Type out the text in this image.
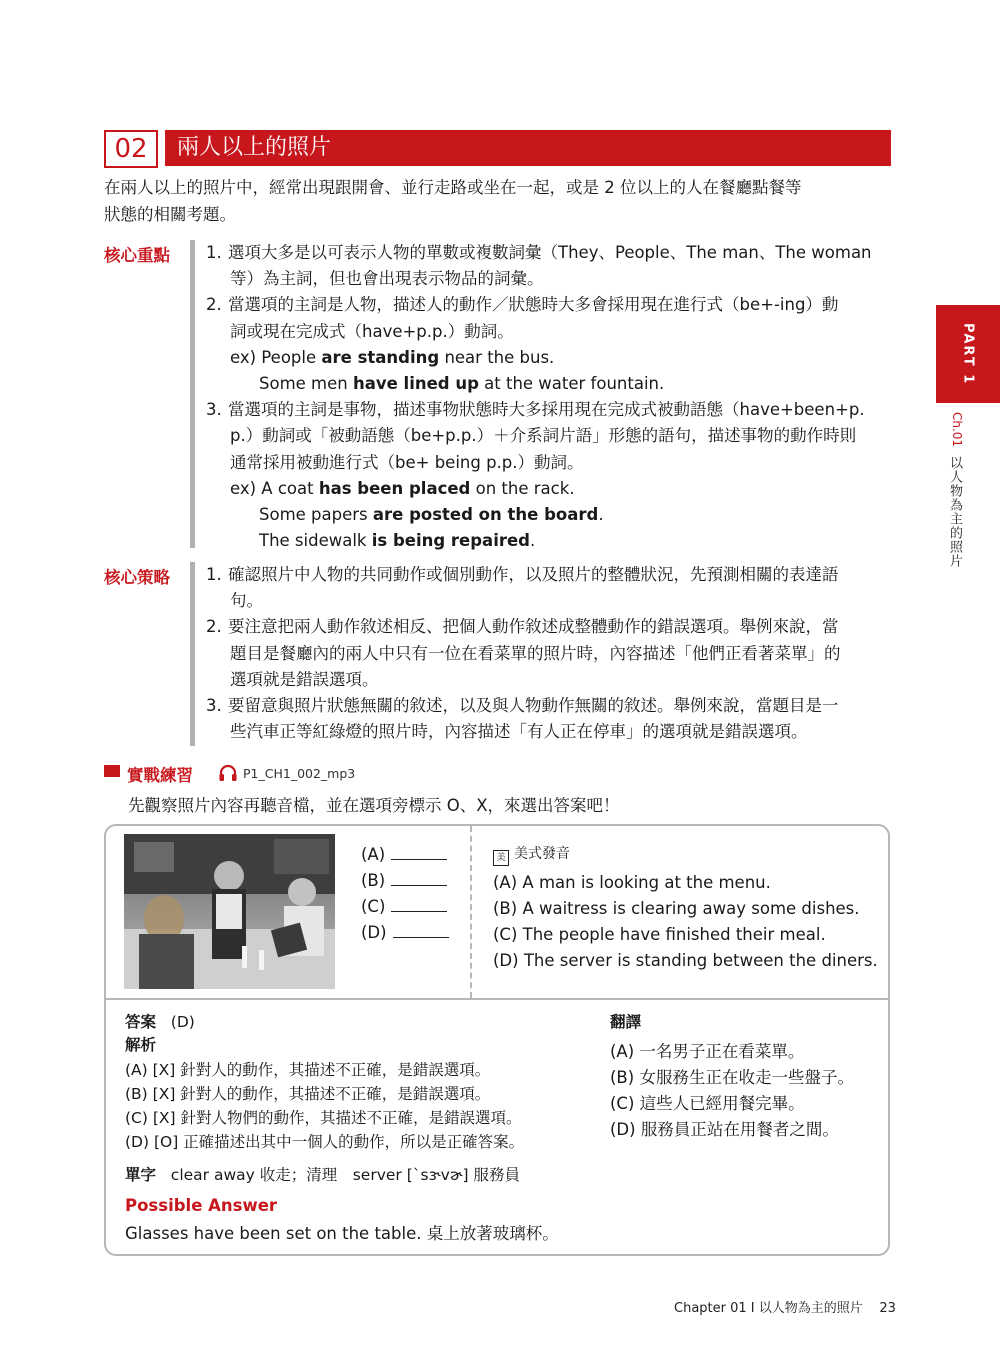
02	兩人以上的照片
在兩人以上的照片中，經常出現跟開會、並行走路或坐在一起，或是 2 位以上的人在餐廳點餐等
狀態的相關考題。
PART 1
Ch.01
以人物為主的照片
核心重點 1. 選項大多是以可表示人物的單數或複數詞彙（They、People、The man、The woman
等）為主詞，但也會出現表示物品的詞彙。
2. 當選項的主詞是人物，描述人的動作／狀態時大多會採用現在進行式（be+-ing）動
詞或現在完成式（have+p.p.）動詞。
ex) People are standing near the bus.
Some men have lined up at the water fountain.
3. 當選項的主詞是事物，描述事物狀態時大多採用現在完成式被動語態（have+been+p.
p.）動詞或「被動語態（be+p.p.）＋介系詞片語」形態的語句，描述事物的動作時則
通常採用被動進行式（be+ being p.p.）動詞。
ex) A coat has been placed on the rack.
Some papers are posted on the board.
The sidewalk is being repaired.
核心策略 1. 確認照片中人物的共同動作或個別動作，以及照片的整體狀況，先預測相關的表達語
句。
2. 要注意把兩人動作敘述相反、把個人動作敘述成整體動作的錯誤選項。舉例來說，當
題目是餐廳內的兩人中只有一位在看菜單的照片時，內容描述「他們正看著菜單」的
選項就是錯誤選項。
3. 要留意與照片狀態無關的敘述，以及與人物動作無關的敘述。舉例來說，當題目是一
些汽車正等紅綠燈的照片時，內容描述「有人正在停車」的選項就是錯誤選項。
實戰練習	P1_CH1_002_mp3
先觀察照片內容再聽音檔，並在選項旁標示 O、X，來選出答案吧！
(A)
(B)
(C)
(D)
美 美式發音
(A) A man is looking at the menu.
(B) A waitress is clearing away some dishes.
(C) The people have finished their meal.
(D) The server is standing between the diners.
答案 (D)
解析
(A) [X] 針對人的動作，其描述不正確，是錯誤選項。
(B) [X] 針對人的動作，其描述不正確，是錯誤選項。
(C) [X] 針對人物們的動作，其描述不正確，是錯誤選項。
(D) [O] 正確描述出其中一個人的動作，所以是正確答案。
單字 clear away 收走；清理　server [ˋsɝvɚ] 服務員
Possible Answer
Glasses have been set on the table. 桌上放著玻璃杯。
翻譯
(A) 一名男子正在看菜單。
(B) 女服務生正在收走一些盤子。
(C) 這些人已經用餐完畢。
(D) 服務員正站在用餐者之間。
Chapter 01 I 以人物為主的照片 23
